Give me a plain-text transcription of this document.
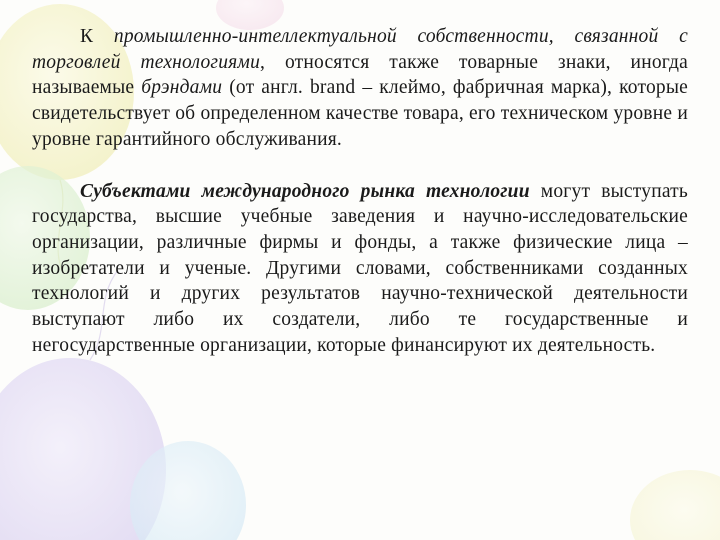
К промышленно-интеллектуальной собственности, связанной с торговлей технологиями, относятся также товарные знаки, иногда называемые брэндами (от англ. brand – клеймо, фабричная марка), которые свидетельствует об определенном качестве товара, его техническом уровне и уровне гарантийного обслуживания.

Субъектами международного рынка технологии могут выступать государства, высшие учебные заведения и научно-исследовательские организации, различные фирмы и фонды, а также физические лица – изобретатели и ученые. Другими словами, собственниками созданных технологий и других результатов научно-технической деятельности выступают либо их создатели, либо те государственные и негосударственные организации, которые финансируют их деятельность.
